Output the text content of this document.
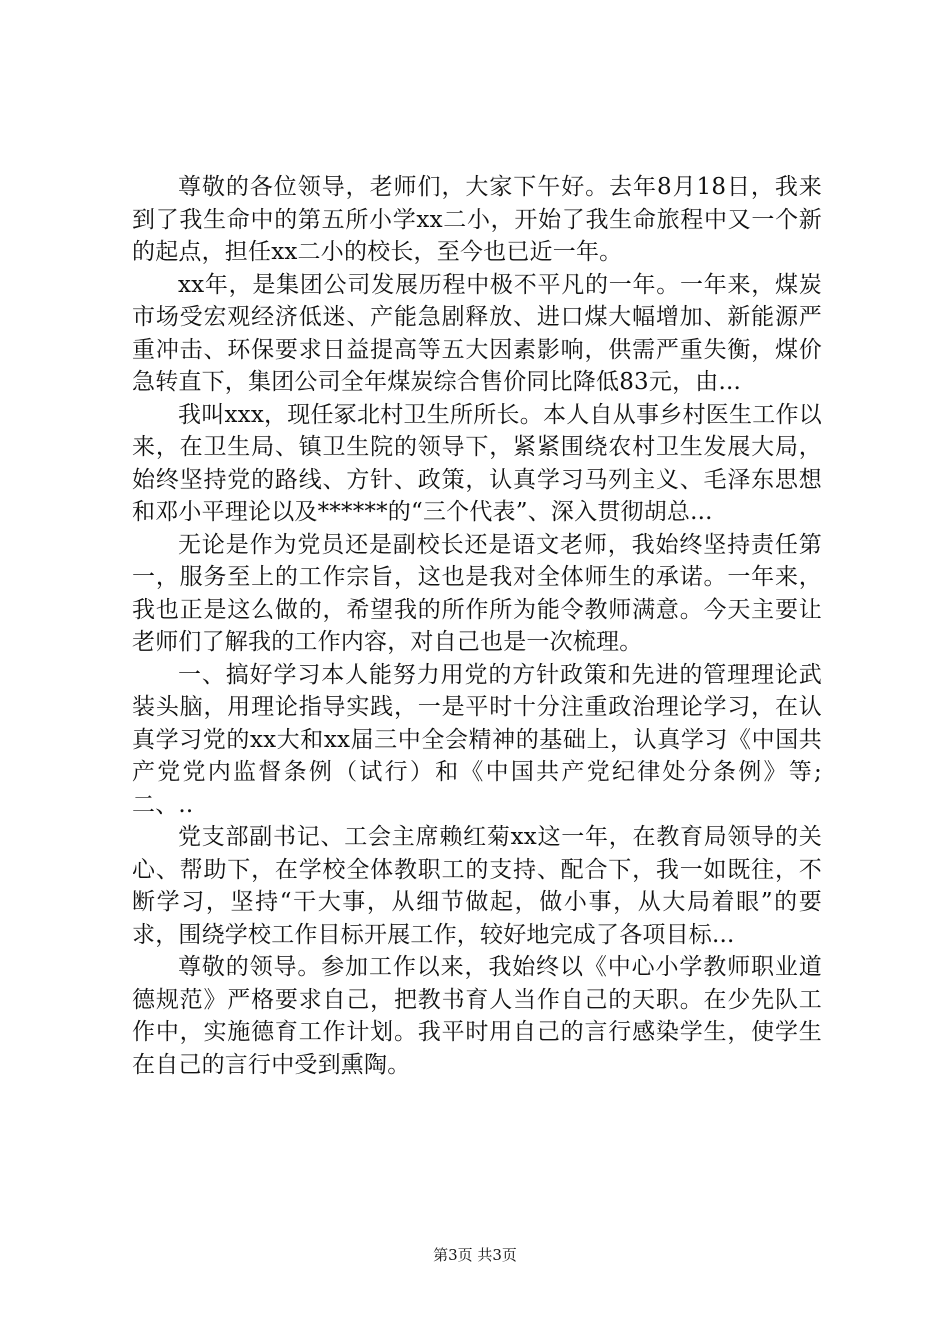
尊敬的各位领导，老师们，大家下午好。去年8月18日，我来到了我生命中的第五所小学xx二小，开始了我生命旅程中又一个新的起点，担任xx二小的校长，至今也已近一年。

xx年，是集团公司发展历程中极不平凡的一年。一年来，煤炭市场受宏观经济低迷、产能急剧释放、进口煤大幅增加、新能源严重冲击、环保要求日益提高等五大因素影响，供需严重失衡，煤价急转直下，集团公司全年煤炭综合售价同比降低83元，由...

我叫xxx，现任冢北村卫生所所长。本人自从事乡村医生工作以来，在卫生局、镇卫生院的领导下，紧紧围绕农村卫生发展大局，始终坚持党的路线、方针、政策，认真学习马列主义、毛泽东思想和邓小平理论以及******的“三个代表”、深入贯彻胡总...

无论是作为党员还是副校长还是语文老师，我始终坚持责任第一，服务至上的工作宗旨，这也是我对全体师生的承诺。一年来，我也正是这么做的，希望我的所作所为能令教师满意。今天主要让老师们了解我的工作内容，对自己也是一次梳理。

一、搞好学习本人能努力用党的方针政策和先进的管理理论武装头脑，用理论指导实践，一是平时十分注重政治理论学习，在认真学习党的xx大和xx届三中全会精神的基础上，认真学习《中国共产党党内监督条例（试行）和《中国共产党纪律处分条例》等;二、..

党支部副书记、工会主席赖红菊xx这一年，在教育局领导的关心、帮助下，在学校全体教职工的支持、配合下，我一如既往，不断学习，坚持“干大事，从细节做起，做小事，从大局着眼”的要求，围绕学校工作目标开展工作，较好地完成了各项目标...

尊敬的领导。参加工作以来，我始终以《中心小学教师职业道德规范》严格要求自己，把教书育人当作自己的天职。在少先队工作中，实施德育工作计划。我平时用自己的言行感染学生，使学生在自己的言行中受到熏陶。

第3页 共3页
